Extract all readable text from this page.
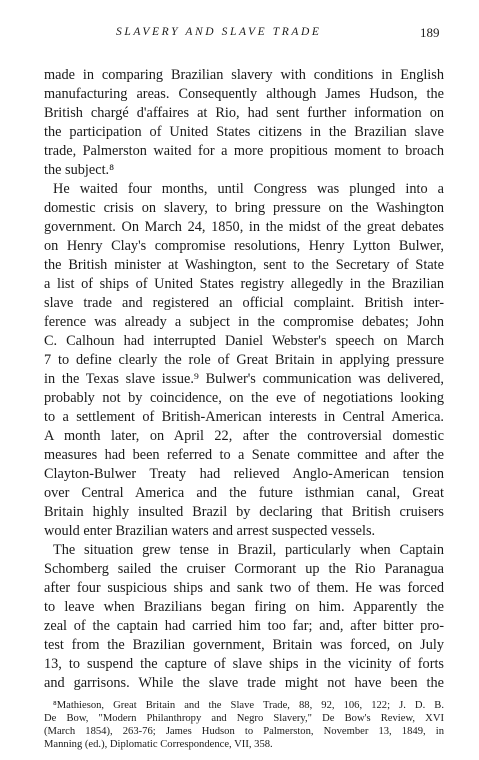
SLAVERY AND SLAVE TRADE	189
made in comparing Brazilian slavery with conditions in English
manufacturing areas. Consequently although James Hudson, the
British chargé d'affaires at Rio, had sent further information on
the participation of United States citizens in the Brazilian slave
trade, Palmerston waited for a more propitious moment to broach
the subject.⁸
He waited four months, until Congress was plunged into a
domestic crisis on slavery, to bring pressure on the Washington
government. On March 24, 1850, in the midst of the great debates
on Henry Clay's compromise resolutions, Henry Lytton Bulwer,
the British minister at Washington, sent to the Secretary of State
a list of ships of United States registry allegedly in the Brazilian
slave trade and registered an official complaint. British inter-
ference was already a subject in the compromise debates; John
C. Calhoun had interrupted Daniel Webster's speech on March
7 to define clearly the role of Great Britain in applying pressure
in the Texas slave issue.⁹ Bulwer's communication was delivered,
probably not by coincidence, on the eve of negotiations looking
to a settlement of British-American interests in Central America.
A month later, on April 22, after the controversial domestic
measures had been referred to a Senate committee and after the
Clayton-Bulwer Treaty had relieved Anglo-American tension
over Central America and the future isthmian canal, Great
Britain highly insulted Brazil by declaring that British cruisers
would enter Brazilian waters and arrest suspected vessels.
The situation grew tense in Brazil, particularly when Captain
Schomberg sailed the cruiser Cormorant up the Rio Paranagua
after four suspicious ships and sank two of them. He was forced
to leave when Brazilians began firing on him. Apparently the
zeal of the captain had carried him too far; and, after bitter pro-
test from the Brazilian government, Britain was forced, on July
13, to suspend the capture of slave ships in the vicinity of forts
and garrisons. While the slave trade might not have been the
⁸Mathieson, Great Britain and the Slave Trade, 88, 92, 106, 122; J. D. B.
De Bow, "Modern Philanthropy and Negro Slavery," De Bow's Review, XVI
(March 1854), 263-76; James Hudson to Palmerston, November 13, 1849, in
Manning (ed.), Diplomatic Correspondence, VII, 358.
